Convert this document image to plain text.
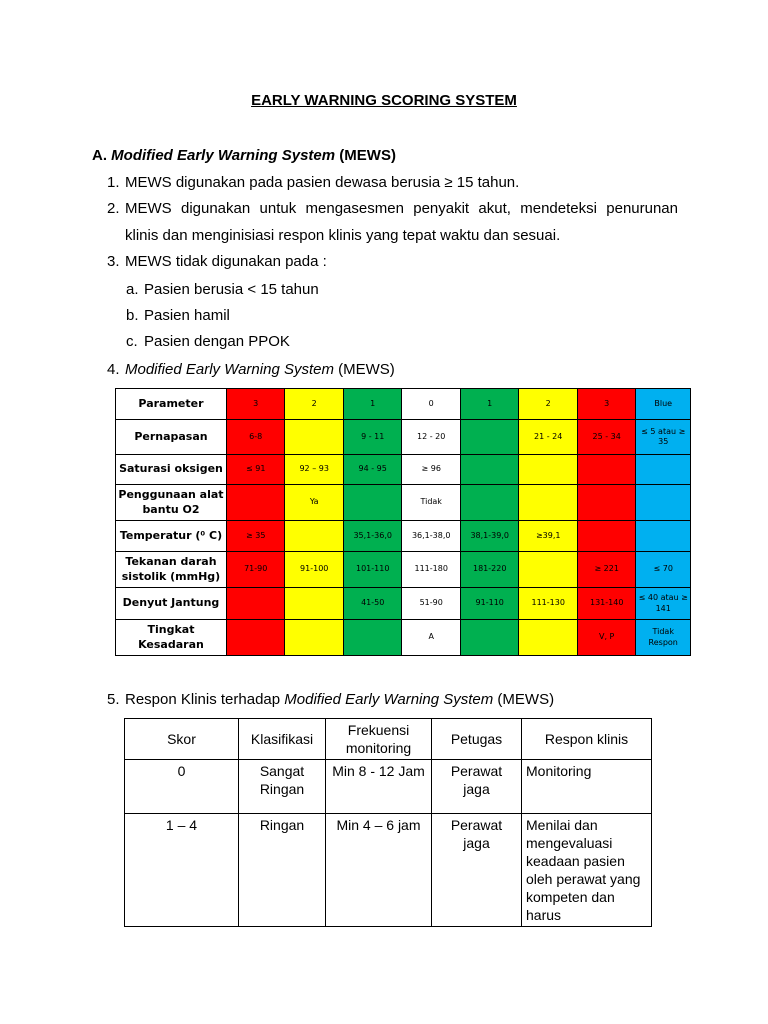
EARLY WARNING SCORING SYSTEM
A. Modified Early Warning System (MEWS)
1. MEWS digunakan pada pasien dewasa berusia ≥ 15 tahun.
2. MEWS digunakan untuk mengasesmen penyakit akut, mendeteksi penurunan
klinis dan menginisiasi respon klinis yang tepat waktu dan sesuai.
3. MEWS tidak digunakan pada :
a. Pasien berusia < 15 tahun
b. Pasien hamil
c. Pasien dengan PPOK
4. Modified Early Warning System (MEWS)
Parameter	3	2	1	0	1	2	3	Blue
Pernapasan	6-8		9 - 11	12 - 20		21 - 24	25 - 34	≤ 5 atau ≥ 35
Saturasi oksigen	≤ 91	92 – 93	94 - 95	≥ 96				
Penggunaan alat bantu O2		Ya		Tidak				
Temperatur (⁰ C)	≥ 35		35,1-36,0	36,1-38,0	38,1-39,0	≥39,1		
Tekanan darah sistolik (mmHg)	71-90	91-100	101-110	111-180	181-220		≥ 221	≤ 70
Denyut Jantung			41-50	51-90	91-110	111-130	131-140	≤ 40 atau ≥ 141
Tingkat Kesadaran				A			V, P	Tidak Respon
5. Respon Klinis terhadap Modified Early Warning System (MEWS)
Skor	Klasifikasi	Frekuensi monitoring	Petugas	Respon klinis
0	Sangat Ringan	Min 8 - 12 Jam	Perawat jaga	Monitoring
1 – 4	Ringan	Min 4 – 6 jam	Perawat jaga	Menilai dan mengevaluasi keadaan pasien oleh perawat yang kompeten dan harus
